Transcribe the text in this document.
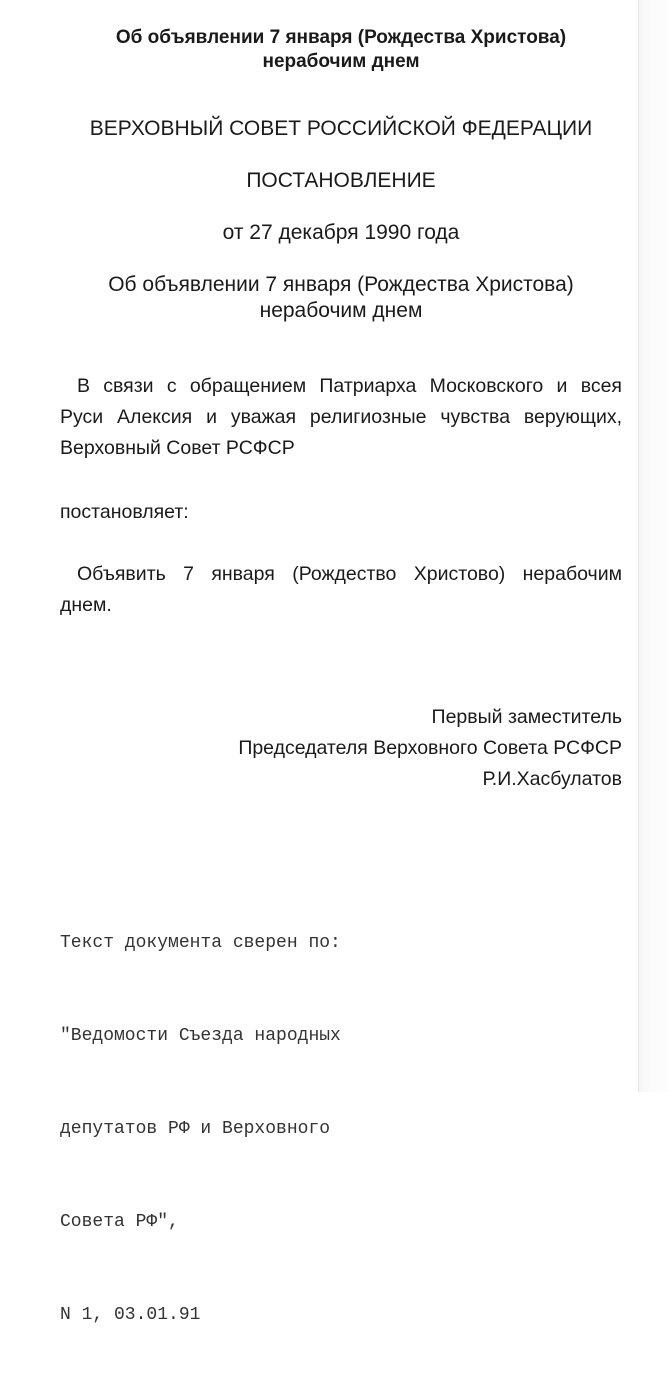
Об объявлении 7 января (Рождества Христова)
нерабочим днем
ВЕРХОВНЫЙ СОВЕТ РОССИЙСКОЙ ФЕДЕРАЦИИ
ПОСТАНОВЛЕНИЕ
от 27 декабря 1990 года
Об объявлении 7 января (Рождества Христова)
нерабочим днем
В связи с обращением Патриарха Московского и всея
Руси Алексия и уважая религиозные чувства верующих,
Верховный Совет РСФСР
постановляет:
Объявить 7 января (Рождество Христово) нерабочим
днем.
Первый заместитель
Председателя Верховного Совета РСФСР
Р.И.Хасбулатов

Текст документа сверен по:

"Ведомости Съезда народных

депутатов РФ и Верховного

Совета РФ",

N 1, 03.01.91
